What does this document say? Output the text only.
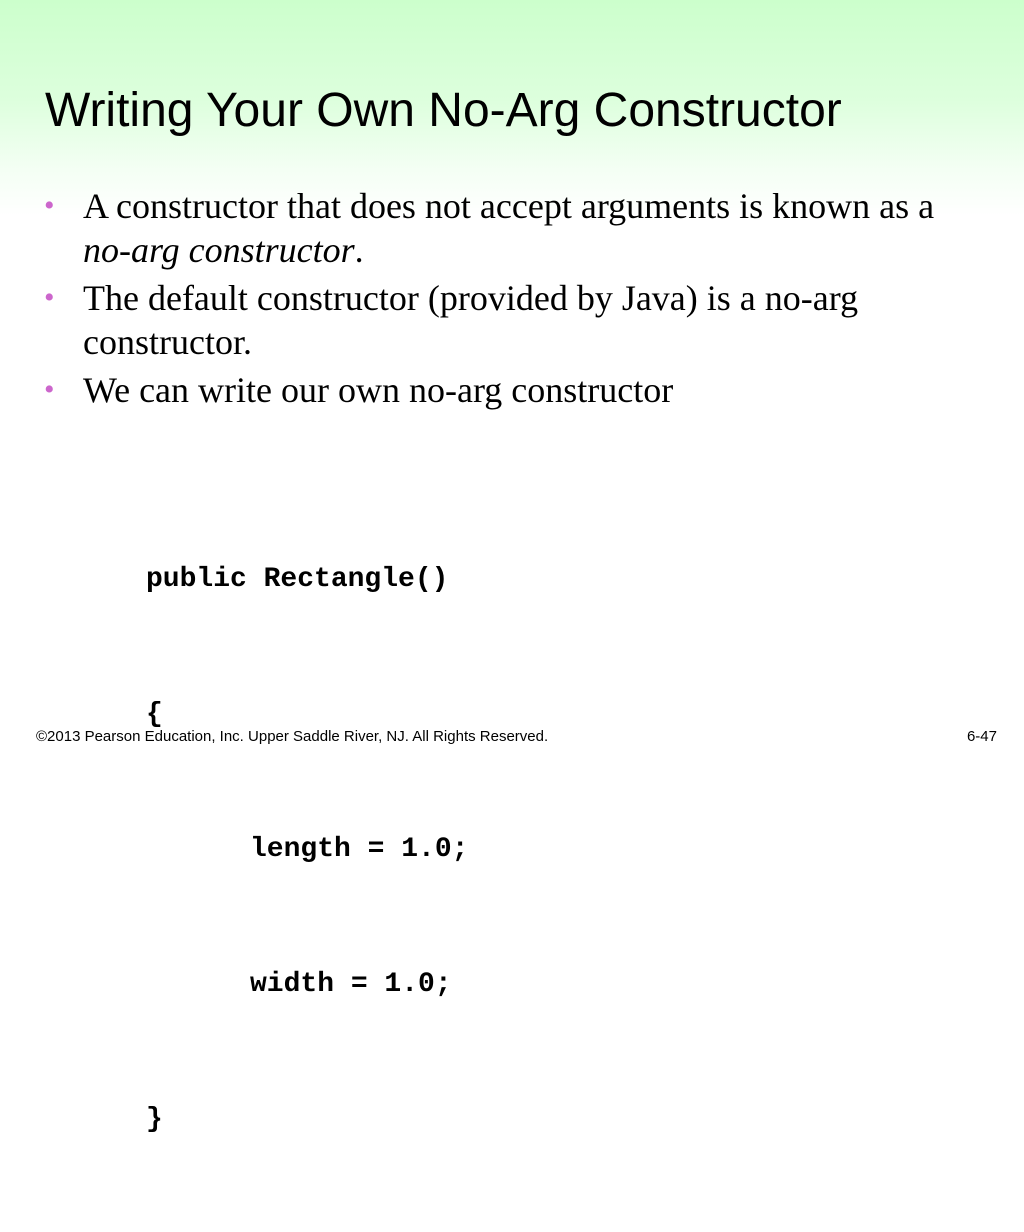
Writing Your Own No-Arg Constructor
• A constructor that does not accept arguments is known as a no-arg constructor.
• The default constructor (provided by Java) is a no-arg constructor.
• We can write our own no-arg constructor

public Rectangle()

{

length = 1.0;

width = 1.0;

}

©2013 Pearson Education, Inc. Upper Saddle River, NJ. All Rights Reserved.	6-47
